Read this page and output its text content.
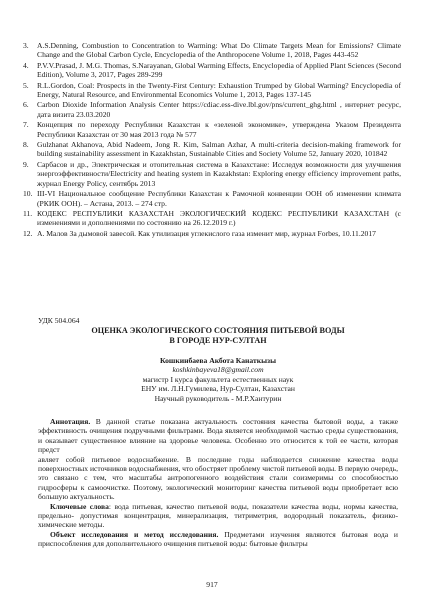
3.	A.S.Denning, Combustion to Concentration to Warming: What Do Climate Targets Mean for Emissions? Climate Change and the Global Carbon Cycle, Encyclopedia of the Anthropocene Volume 1, 2018, Pages 443-452
4.	P.V.V.Prasad, J. M.G. Thomas, S.Narayanan, Global Warming Effects, Encyclopedia of Applied Plant Sciences (Second Edition), Volume 3, 2017, Pages 289-299
5.	R.L.Gordon, Coal: Prospects in the Twenty-First Century: Exhaustion Trumped by Global Warming? Encyclopedia of Energy, Natural Resource, and Environmental Economics Volume 1, 2013, Pages 137-145
6.	Carbon Dioxide Information Analysis Center https://cdiac.ess-dive.lbl.gov/pns/current_ghg.html , интернет ресурс, дата визита 23.03.2020
7.	Концепция по переходу Республики Казахстан к «зеленой экономике», утверждена Указом Президента Республики Казахстан от 30 мая 2013 года № 577
8.	Gulzhanat Akhanova, Abid Nadeem, Jong R. Kim, Salman Azhar, A multi-criteria decision-making framework for building sustainability assessment in Kazakhstan, Sustainable Cities and Society Volume 52, January 2020, 101842
9.	Сарбасов и др., Электрическая и отопительная система в Казахстане: Исследуя возможности для улучшения энергоэффективности/Electricity and heating system in Kazakhstan: Exploring energy efficiency improvement paths, журнал Energy Policy, сентябрь 2013
10. III-VI Национальное сообщение Республики Казахстан к Рамочной конвенции ООН об изменении климата (РКИК ООН). – Астана, 2013. – 274 стр.
11. КОДЕКС РЕСПУБЛИКИ КАЗАХСТАН ЭКОЛОГИЧЕСКИЙ КОДЕКС РЕСПУБЛИКИ КАЗАХСТАН (с изменениями и дополнениями по состоянию на 26.12.2019 г.)
12. А. Малов За дымовой завесой. Как утилизация углекислого газа изменит мир, журнал Forbes, 10.11.2017
УДК 504.064
ОЦЕНКА ЭКОЛОГИЧЕСКОГО СОСТОЯНИЯ ПИТЬЕВОЙ ВОДЫ
В ГОРОДЕ НУР-СУЛТАН
Кошкинбаева Акбота Канаткызы
koshkinbayeva18@gmail.com
магистр I курса факультета естественных наук
ЕНУ им. Л.Н.Гумилева, Нур-Султан, Казахстан
Научный руководитель - М.Р.Хантурин

Аннотация. В данной статье показана актуальность состояния качества бытовой воды, а также эффективность очищения подручными фильтрами. Вода является необходимой частью среды существования, и оказывает существенное влияние на здоровье человека. Особенно это относится к той ее части, которая предст

авляет собой питьевое водоснабжение. В последние годы наблюдается снижение качества воды поверхностных источников водоснабжения, что обостряет проблему чистой питьевой воды. В первую очередь, это связано с тем, что масштабы антропогенного воздействия стали соизмеримы со способностью гидросферы к самоочистке. Поэтому, экологический мониторинг качества питьевой воды приобретает всю большую актуальность.

Ключевые слова: вода питьевая, качество питьевой воды, показатели качества воды, нормы качества, предельно- допустимая концентрация, минерализация, титриметрия, водородный показатель, физико-химические методы.

Объект исследования и метод исследования. Предметами изучения являются бытовая вода и приспособления для дополнительного очищения питьевой воды: бытовые фильтры

917
